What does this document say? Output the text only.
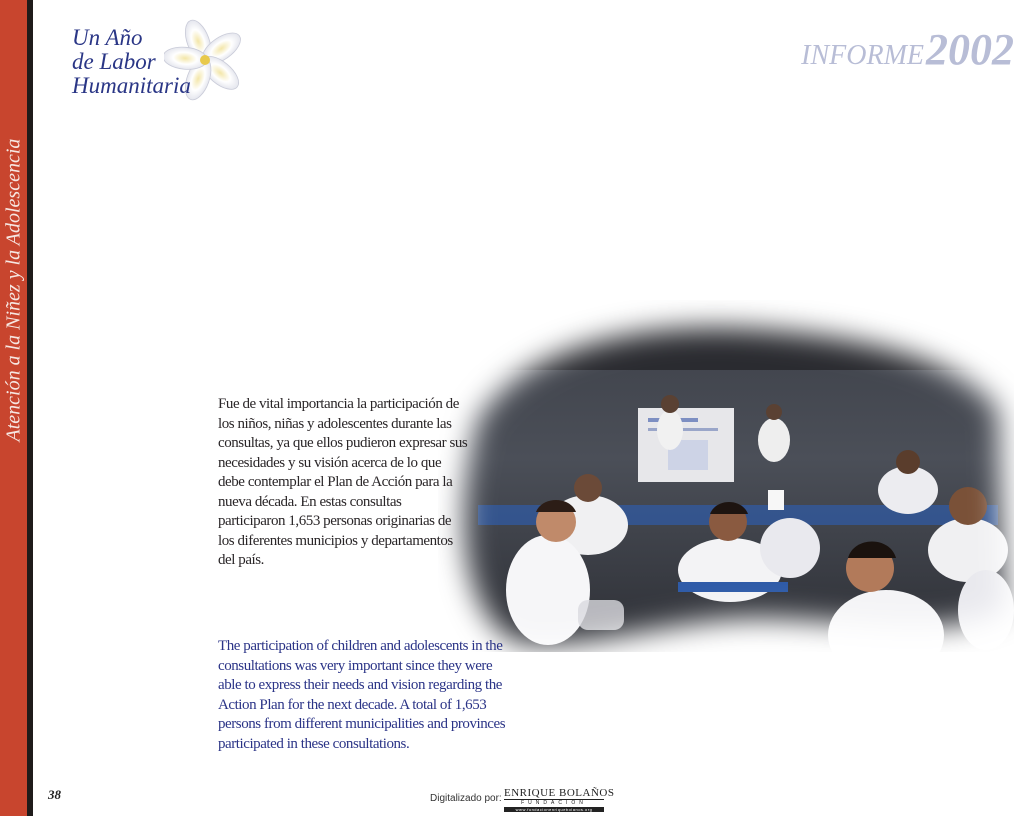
Atención a la Niñez y la Adolescencia
Un Año
de Labor
Humanitaria
INFORME2002

Fue de vital importancia la participación de los niños, niñas y adolescentes durante las consultas, ya que ellos pudieron expresar sus necesidades y su visión acerca de lo que debe contemplar el Plan de Acción para la nueva década. En estas consultas participaron 1,653 personas originarias de los diferentes municipios y departamentos del país.

The participation of children and adolescents in the consultations was very important since they were able to express their needs and vision regarding the Action Plan for the next decade. A total of 1,653 persons from different municipalities and provinces participated in these consultations.

38	Digitalizado por: ENRIQUE BOLAÑOS
FUNDACIÓN
www.fundacionenriquebolanos.org
